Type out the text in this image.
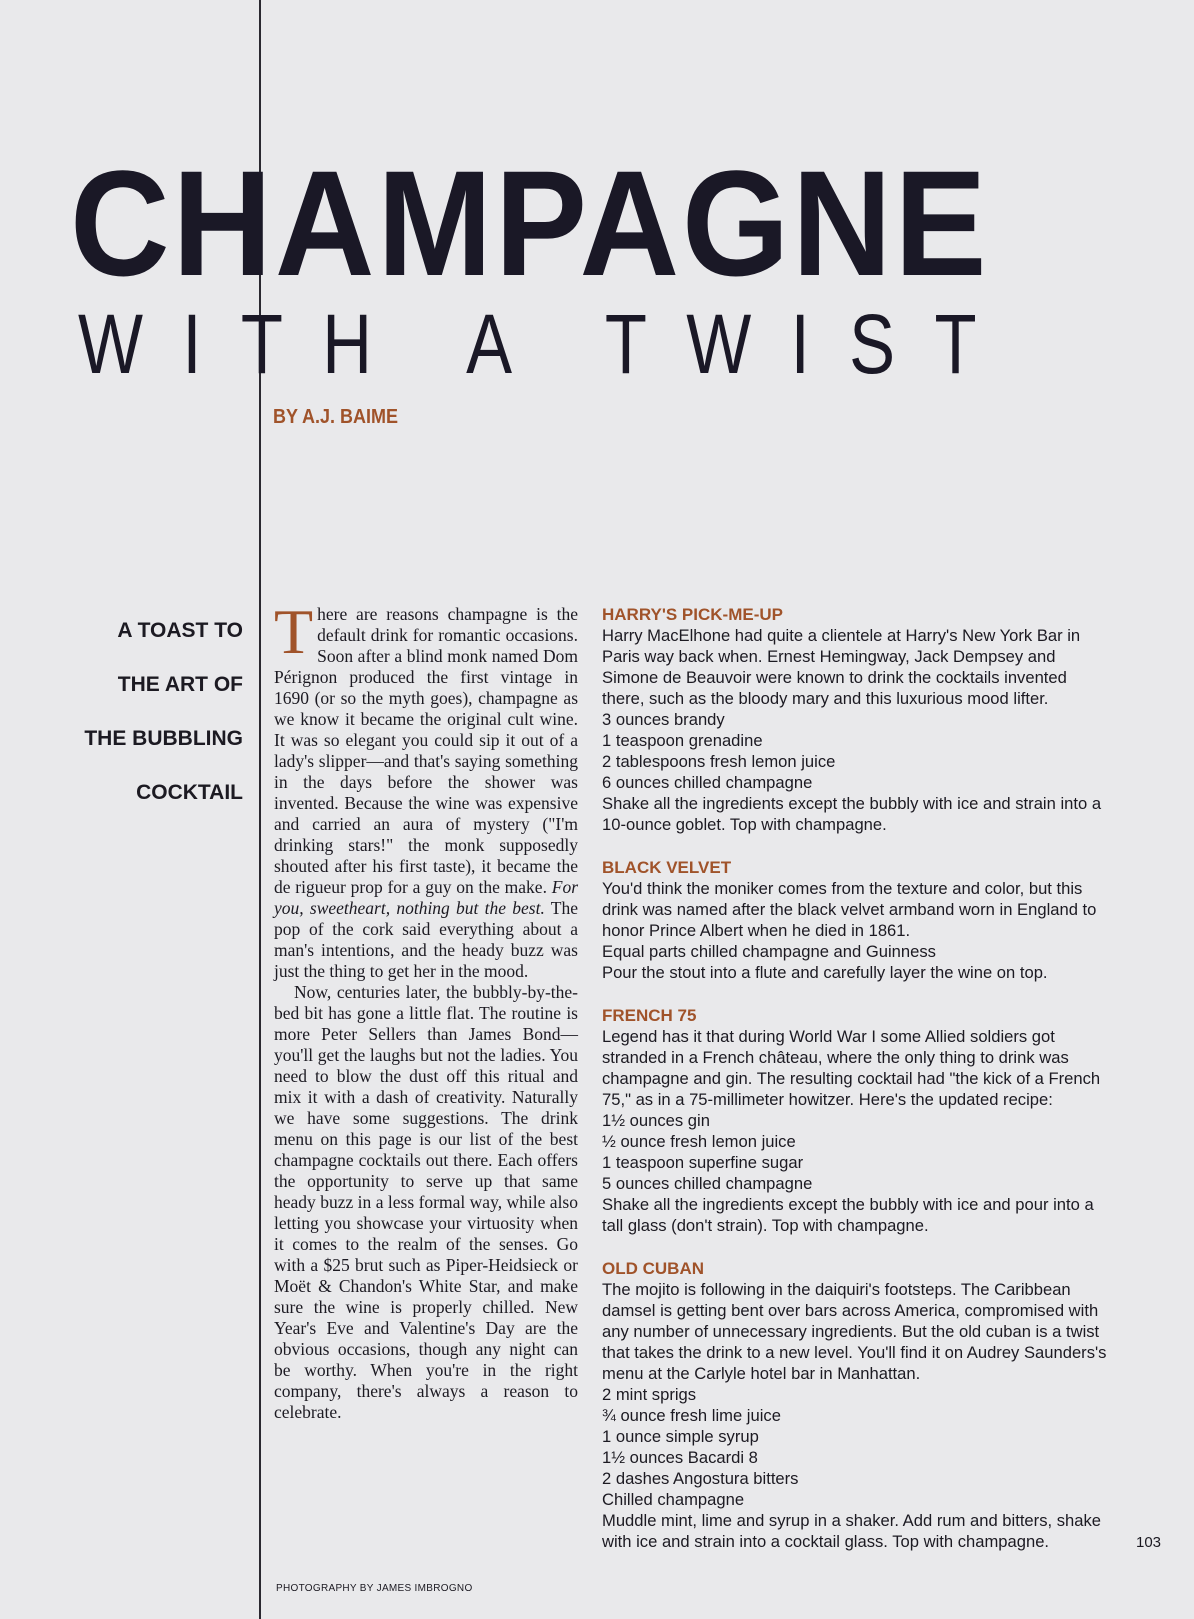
CHAMPAGNE
WITH A TWIST
BY A.J. BAIME
A TOAST TO
THE ART OF
THE BUBBLING
COCKTAIL

There are reasons champagne is the default drink for romantic occasions. Soon after a blind monk named Dom Pérignon produced the first vintage in 1690 (or so the myth goes), champagne as we know it became the original cult wine. It was so elegant you could sip it out of a lady's slipper—and that's saying something in the days before the shower was invented. Because the wine was expensive and carried an aura of mystery ("I'm drinking stars!" the monk supposedly shouted after his first taste), it became the de rigueur prop for a guy on the make. For you, sweetheart, nothing but the best. The pop of the cork said everything about a man's intentions, and the heady buzz was just the thing to get her in the mood.

Now, centuries later, the bubbly-by-the-bed bit has gone a little flat. The routine is more Peter Sellers than James Bond—you'll get the laughs but not the ladies. You need to blow the dust off this ritual and mix it with a dash of creativity. Naturally we have some suggestions. The drink menu on this page is our list of the best champagne cocktails out there. Each offers the opportunity to serve up that same heady buzz in a less formal way, while also letting you showcase your virtuosity when it comes to the realm of the senses. Go with a $25 brut such as Piper-Heidsieck or Moët & Chandon's White Star, and make sure the wine is properly chilled. New Year's Eve and Valentine's Day are the obvious occasions, though any night can be worthy. When you're in the right company, there's always a reason to celebrate.

HARRY'S PICK-ME-UP

Harry MacElhone had quite a clientele at Harry's New York Bar in Paris way back when. Ernest Hemingway, Jack Dempsey and Simone de Beauvoir were known to drink the cocktails invented there, such as the bloody mary and this luxurious mood lifter.

3 ounces brandy
1 teaspoon grenadine
2 tablespoons fresh lemon juice
6 ounces chilled champagne

Shake all the ingredients except the bubbly with ice and strain into a 10-ounce goblet. Top with champagne.

BLACK VELVET

You'd think the moniker comes from the texture and color, but this drink was named after the black velvet armband worn in England to honor Prince Albert when he died in 1861.

Equal parts chilled champagne and Guinness

Pour the stout into a flute and carefully layer the wine on top.

FRENCH 75

Legend has it that during World War I some Allied soldiers got stranded in a French château, where the only thing to drink was champagne and gin. The resulting cocktail had "the kick of a French 75," as in a 75-millimeter howitzer. Here's the updated recipe:

1½ ounces gin
½ ounce fresh lemon juice
1 teaspoon superfine sugar
5 ounces chilled champagne

Shake all the ingredients except the bubbly with ice and pour into a tall glass (don't strain). Top with champagne.

OLD CUBAN

The mojito is following in the daiquiri's footsteps. The Caribbean damsel is getting bent over bars across America, compromised with any number of unnecessary ingredients. But the old cuban is a twist that takes the drink to a new level. You'll find it on Audrey Saunders's menu at the Carlyle hotel bar in Manhattan.

2 mint sprigs
¾ ounce fresh lime juice
1 ounce simple syrup
1½ ounces Bacardi 8
2 dashes Angostura bitters
Chilled champagne

Muddle mint, lime and syrup in a shaker. Add rum and bitters, shake with ice and strain into a cocktail glass. Top with champagne.	103
PHOTOGRAPHY BY JAMES IMBROGNO
